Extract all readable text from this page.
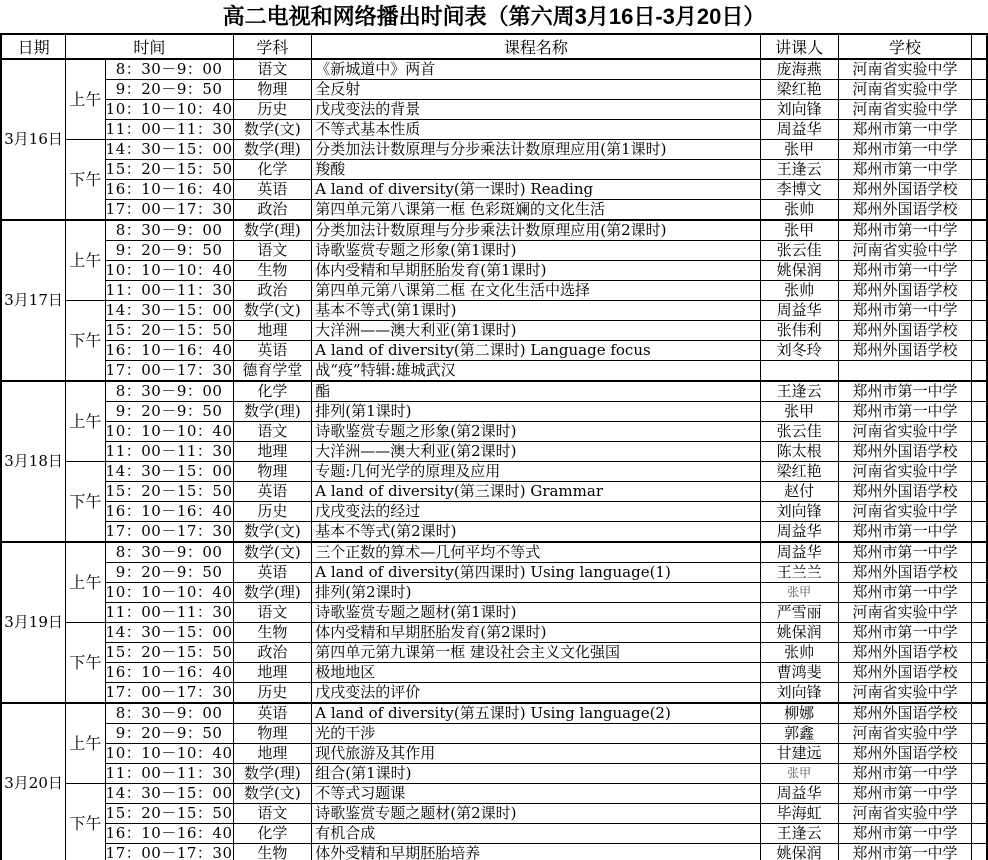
高二电视和网络播出时间表（第六周3月16日-3月20日）
日期	时间		学科	课程名称	讲课人	学校	
3月16日	上午	8：30－9：00	语文	《新城道中》两首	庞海燕	河南省实验中学	
		9：20－9：50	物理	全反射	梁红艳	河南省实验中学	
		10：10－10：40	历史	戊戌变法的背景	刘向锋	河南省实验中学	
		11：00－11：30	数学(文)	不等式基本性质	周益华	郑州市第一中学	
	下午	14：30－15：00	数学(理)	分类加法计数原理与分步乘法计数原理应用(第1课时)	张甲	郑州市第一中学	
		15：20－15：50	化学	羧酸	王逢云	郑州市第一中学	
		16：10－16：40	英语	A land of diversity(第一课时) Reading	李博文	郑州外国语学校	
		17：00－17：30	政治	第四单元第八课第一框 色彩斑斓的文化生活	张帅	郑州外国语学校	
3月17日	上午	8：30－9：00	数学(理)	分类加法计数原理与分步乘法计数原理应用(第2课时)	张甲	郑州市第一中学	
		9：20－9：50	语文	诗歌鉴赏专题之形象(第1课时)	张云佳	河南省实验中学	
		10：10－10：40	生物	体内受精和早期胚胎发育(第1课时)	姚保润	郑州市第一中学	
		11：00－11：30	政治	第四单元第八课第二框 在文化生活中选择	张帅	郑州外国语学校	
	下午	14：30－15：00	数学(文)	基本不等式(第1课时)	周益华	郑州市第一中学	
		15：20－15：50	地理	大洋洲——澳大利亚(第1课时)	张伟利	郑州外国语学校	
		16：10－16：40	英语	A land of diversity(第二课时) Language focus	刘冬玲	郑州外国语学校	
		17：00－17：30	德育学堂	战“疫”特辑:雄城武汉			
3月18日	上午	8：30－9：00	化学	酯	王逢云	郑州市第一中学	
		9：20－9：50	数学(理)	排列(第1课时)	张甲	郑州市第一中学	
		10：10－10：40	语文	诗歌鉴赏专题之形象(第2课时)	张云佳	河南省实验中学	
		11：00－11：30	地理	大洋洲——澳大利亚(第2课时)	陈太根	郑州外国语学校	
	下午	14：30－15：00	物理	专题:几何光学的原理及应用	梁红艳	河南省实验中学	
		15：20－15：50	英语	A land of diversity(第三课时) Grammar	赵付	郑州外国语学校	
		16：10－16：40	历史	戊戌变法的经过	刘向锋	河南省实验中学	
		17：00－17：30	数学(文)	基本不等式(第2课时)	周益华	郑州市第一中学	
3月19日	上午	8：30－9：00	数学(文)	三个正数的算术—几何平均不等式	周益华	郑州市第一中学	
		9：20－9：50	英语	A land of diversity(第四课时) Using language(1)	王兰兰	郑州外国语学校	
		10：10－10：40	数学(理)	排列(第2课时)	张甲	郑州市第一中学	
		11：00－11：30	语文	诗歌鉴赏专题之题材(第1课时)	严雪丽	河南省实验中学	
	下午	14：30－15：00	生物	体内受精和早期胚胎发育(第2课时)	姚保润	郑州市第一中学	
		15：20－15：50	政治	第四单元第九课第一框 建设社会主义文化强国	张帅	郑州外国语学校	
		16：10－16：40	地理	极地地区	曹鸿斐	郑州外国语学校	
		17：00－17：30	历史	戊戌变法的评价	刘向锋	河南省实验中学	
3月20日	上午	8：30－9：00	英语	A land of diversity(第五课时) Using language(2)	柳娜	郑州外国语学校	
		9：20－9：50	物理	光的干涉	郭鑫	河南省实验中学	
		10：10－10：40	地理	现代旅游及其作用	甘建远	郑州外国语学校	
		11：00－11：30	数学(理)	组合(第1课时)	张甲	郑州市第一中学	
	下午	14：30－15：00	数学(文)	不等式习题课	周益华	郑州市第一中学	
		15：20－15：50	语文	诗歌鉴赏专题之题材(第2课时)	毕海虹	河南省实验中学	
		16：10－16：40	化学	有机合成	王逢云	郑州市第一中学	
		17：00－17：30	生物	体外受精和早期胚胎培养	姚保润	郑州市第一中学	
